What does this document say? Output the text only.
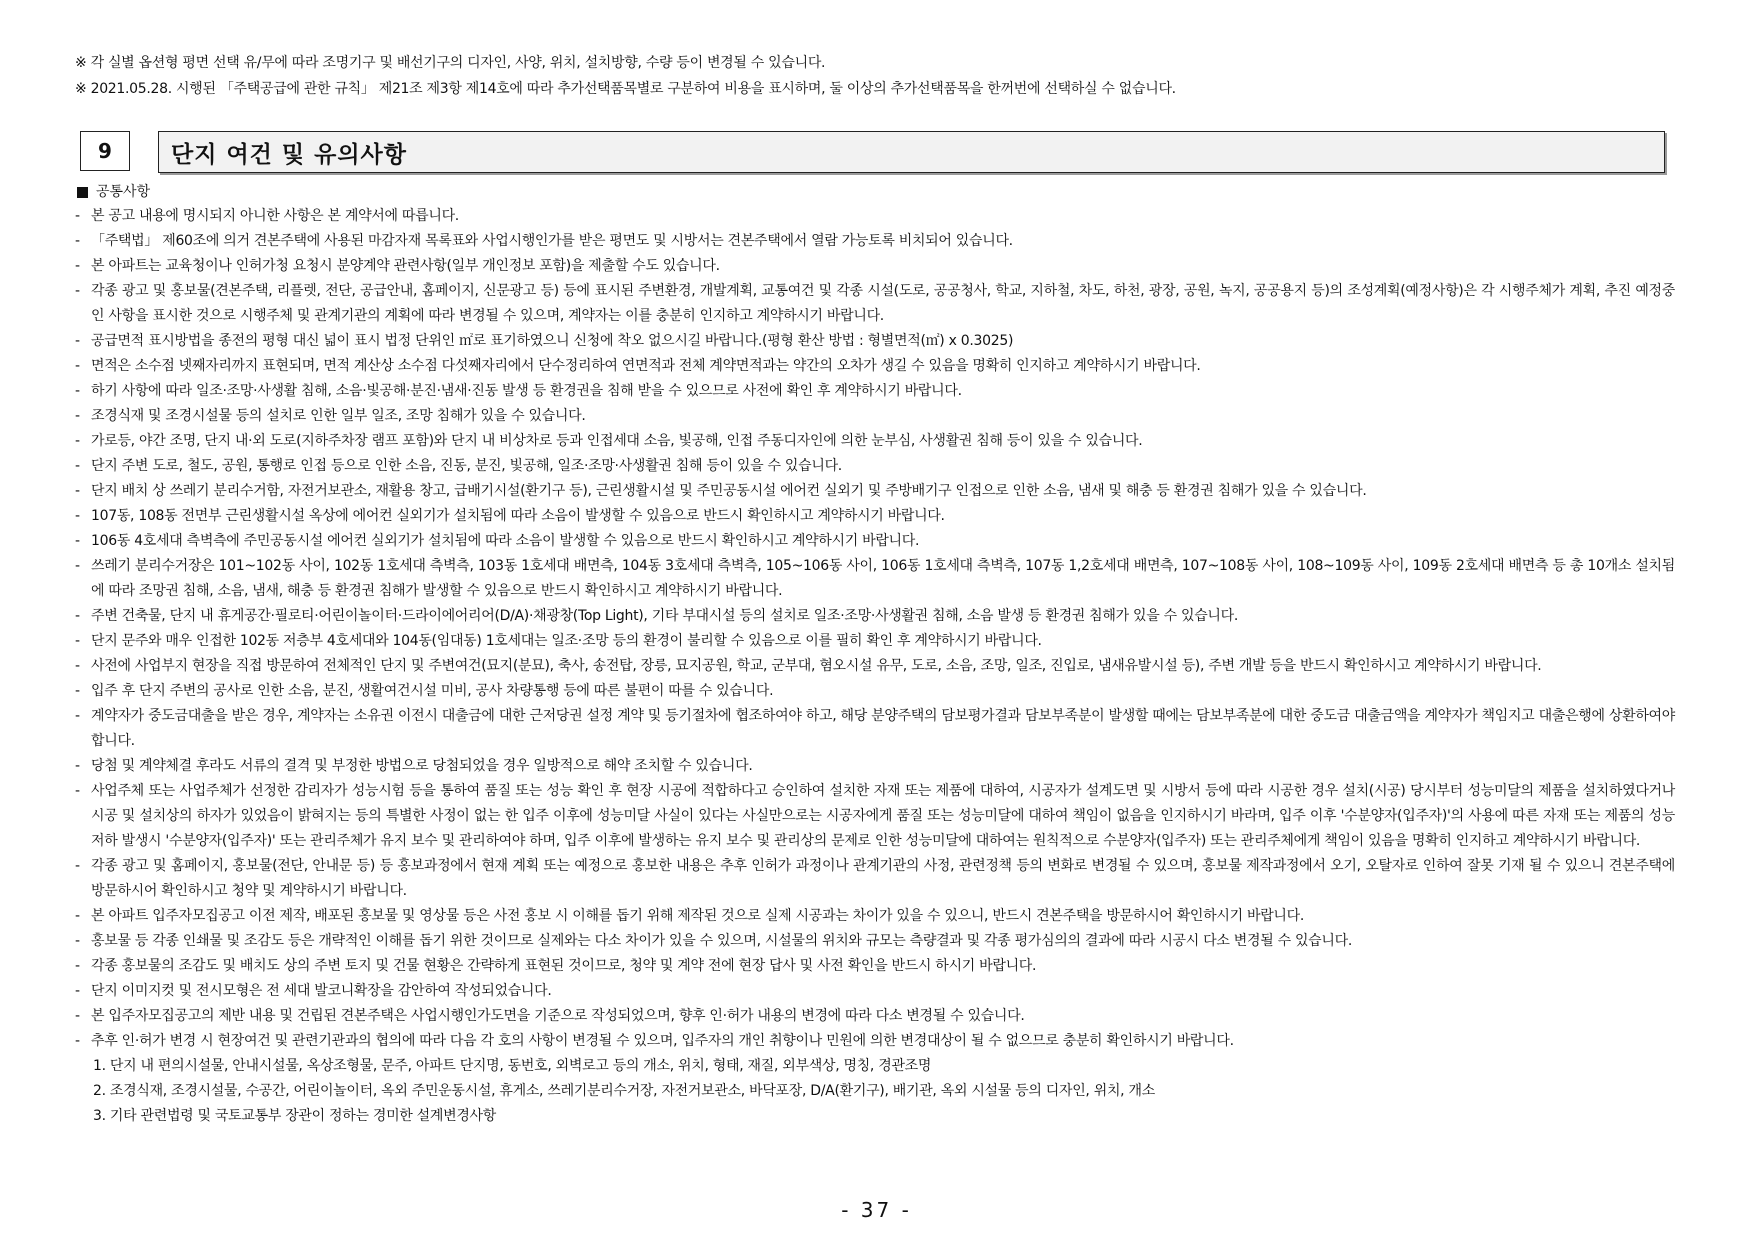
※ 각 실별 옵션형 평면 선택 유/무에 따라 조명기구 및 배선기구의 디자인, 사양, 위치, 설치방향, 수량 등이 변경될 수 있습니다.
※ 2021.05.28. 시행된 「주택공급에 관한 규칙」 제21조 제3항 제14호에 따라 추가선택품목별로 구분하여 비용을 표시하며, 둘 이상의 추가선택품목을 한꺼번에 선택하실 수 없습니다.
9	단지 여건 및 유의사항
공통사항
- 본 공고 내용에 명시되지 아니한 사항은 본 계약서에 따릅니다.
- 「주택법」 제60조에 의거 견본주택에 사용된 마감자재 목록표와 사업시행인가를 받은 평면도 및 시방서는 견본주택에서 열람 가능토록 비치되어 있습니다.
- 본 아파트는 교육청이나 인허가청 요청시 분양계약 관련사항(일부 개인정보 포함)을 제출할 수도 있습니다.
- 각종 광고 및 홍보물(견본주택, 리플렛, 전단, 공급안내, 홈페이지, 신문광고 등) 등에 표시된 주변환경, 개발계획, 교통여건 및 각종 시설(도로, 공공청사, 학교, 지하철, 차도, 하천, 광장, 공원, 녹지, 공공용지 등)의 조성계획(예정사항)은 각 시행주체가 계획, 추진 예정중인 사항을 표시한 것으로 시행주체 및 관계기관의 계획에 따라 변경될 수 있으며, 계약자는 이를 충분히 인지하고 계약하시기 바랍니다.
- 공급면적 표시방법을 종전의 평형 대신 넓이 표시 법정 단위인 ㎡로 표기하였으니 신청에 착오 없으시길 바랍니다.(평형 환산 방법 : 형별면적(㎡) x 0.3025)
- 면적은 소수점 넷째자리까지 표현되며, 면적 계산상 소수점 다섯째자리에서 단수정리하여 연면적과 전체 계약면적과는 약간의 오차가 생길 수 있음을 명확히 인지하고 계약하시기 바랍니다.
- 하기 사항에 따라 일조·조망·사생활 침해, 소음·빛공해·분진·냄새·진동 발생 등 환경권을 침해 받을 수 있으므로 사전에 확인 후 계약하시기 바랍니다.
- 조경식재 및 조경시설물 등의 설치로 인한 일부 일조, 조망 침해가 있을 수 있습니다.
- 가로등, 야간 조명, 단지 내·외 도로(지하주차장 램프 포함)와 단지 내 비상차로 등과 인접세대 소음, 빛공해, 인접 주동디자인에 의한 눈부심, 사생활권 침해 등이 있을 수 있습니다.
- 단지 주변 도로, 철도, 공원, 통행로 인접 등으로 인한 소음, 진동, 분진, 빛공해, 일조·조망·사생활권 침해 등이 있을 수 있습니다.
- 단지 배치 상 쓰레기 분리수거함, 자전거보관소, 재활용 창고, 급배기시설(환기구 등), 근린생활시설 및 주민공동시설 에어컨 실외기 및 주방배기구 인접으로 인한 소음, 냄새 및 해충 등 환경권 침해가 있을 수 있습니다.
- 107동, 108동 전면부 근린생활시설 옥상에 에어컨 실외기가 설치됨에 따라 소음이 발생할 수 있음으로 반드시 확인하시고 계약하시기 바랍니다.
- 106동 4호세대 측벽측에 주민공동시설 에어컨 실외기가 설치됨에 따라 소음이 발생할 수 있음으로 반드시 확인하시고 계약하시기 바랍니다.
- 쓰레기 분리수거장은 101~102동 사이, 102동 1호세대 측벽측, 103동 1호세대 배면측, 104동 3호세대 측벽측, 105~106동 사이, 106동 1호세대 측벽측, 107동 1,2호세대 배면측, 107~108동 사이, 108~109동 사이, 109동 2호세대 배면측 등 총 10개소 설치됨에 따라 조망권 침해, 소음, 냄새, 해충 등 환경권 침해가 발생할 수 있음으로 반드시 확인하시고 계약하시기 바랍니다.
- 주변 건축물, 단지 내 휴게공간·필로티·어린이놀이터·드라이에어리어(D/A)·채광창(Top Light), 기타 부대시설 등의 설치로 일조·조망·사생활권 침해, 소음 발생 등 환경권 침해가 있을 수 있습니다.
- 단지 문주와 매우 인접한 102동 저층부 4호세대와 104동(임대동) 1호세대는 일조·조망 등의 환경이 불리할 수 있음으로 이를 필히 확인 후 계약하시기 바랍니다.
- 사전에 사업부지 현장을 직접 방문하여 전체적인 단지 및 주변여건(묘지(분묘), 축사, 송전탑, 장릉, 묘지공원, 학교, 군부대, 혐오시설 유무, 도로, 소음, 조망, 일조, 진입로, 냄새유발시설 등), 주변 개발 등을 반드시 확인하시고 계약하시기 바랍니다.
- 입주 후 단지 주변의 공사로 인한 소음, 분진, 생활여건시설 미비, 공사 차량통행 등에 따른 불편이 따를 수 있습니다.
- 계약자가 중도금대출을 받은 경우, 계약자는 소유권 이전시 대출금에 대한 근저당권 설정 계약 및 등기절차에 협조하여야 하고, 해당 분양주택의 담보평가결과 담보부족분이 발생할 때에는 담보부족분에 대한 중도금 대출금액을 계약자가 책임지고 대출은행에 상환하여야 합니다.
- 당첨 및 계약체결 후라도 서류의 결격 및 부정한 방법으로 당첨되었을 경우 일방적으로 해약 조치할 수 있습니다.
- 사업주체 또는 사업주체가 선정한 감리자가 성능시험 등을 통하여 품질 또는 성능 확인 후 현장 시공에 적합하다고 승인하여 설치한 자재 또는 제품에 대하여, 시공자가 설계도면 및 시방서 등에 따라 시공한 경우 설치(시공) 당시부터 성능미달의 제품을 설치하였다거나 시공 및 설치상의 하자가 있었음이 밝혀지는 등의 특별한 사정이 없는 한 입주 이후에 성능미달 사실이 있다는 사실만으로는 시공자에게 품질 또는 성능미달에 대하여 책임이 없음을 인지하시기 바라며, 입주 이후 '수분양자(입주자)'의 사용에 따른 자재 또는 제품의 성능저하 발생시 '수분양자(입주자)' 또는 관리주체가 유지 보수 및 관리하여야 하며, 입주 이후에 발생하는 유지 보수 및 관리상의 문제로 인한 성능미달에 대하여는 원칙적으로 수분양자(입주자) 또는 관리주체에게 책임이 있음을 명확히 인지하고 계약하시기 바랍니다.
- 각종 광고 및 홈페이지, 홍보물(전단, 안내문 등) 등 홍보과정에서 현재 계획 또는 예정으로 홍보한 내용은 추후 인허가 과정이나 관계기관의 사정, 관련정책 등의 변화로 변경될 수 있으며, 홍보물 제작과정에서 오기, 오탈자로 인하여 잘못 기재 될 수 있으니 견본주택에 방문하시어 확인하시고 청약 및 계약하시기 바랍니다.
- 본 아파트 입주자모집공고 이전 제작, 배포된 홍보물 및 영상물 등은 사전 홍보 시 이해를 돕기 위해 제작된 것으로 실제 시공과는 차이가 있을 수 있으니, 반드시 견본주택을 방문하시어 확인하시기 바랍니다.
- 홍보물 등 각종 인쇄물 및 조감도 등은 개략적인 이해를 돕기 위한 것이므로 실제와는 다소 차이가 있을 수 있으며, 시설물의 위치와 규모는 측량결과 및 각종 평가심의의 결과에 따라 시공시 다소 변경될 수 있습니다.
- 각종 홍보물의 조감도 및 배치도 상의 주변 토지 및 건물 현황은 간략하게 표현된 것이므로, 청약 및 계약 전에 현장 답사 및 사전 확인을 반드시 하시기 바랍니다.
- 단지 이미지컷 및 전시모형은 전 세대 발코니확장을 감안하여 작성되었습니다.
- 본 입주자모집공고의 제반 내용 및 건립된 견본주택은 사업시행인가도면을 기준으로 작성되었으며, 향후 인·허가 내용의 변경에 따라 다소 변경될 수 있습니다.
- 추후 인·허가 변경 시 현장여건 및 관련기관과의 협의에 따라 다음 각 호의 사항이 변경될 수 있으며, 입주자의 개인 취향이나 민원에 의한 변경대상이 될 수 없으므로 충분히 확인하시기 바랍니다.
1. 단지 내 편의시설물, 안내시설물, 옥상조형물, 문주, 아파트 단지명, 동번호, 외벽로고 등의 개소, 위치, 형태, 재질, 외부색상, 명칭, 경관조명
2. 조경식재, 조경시설물, 수공간, 어린이놀이터, 옥외 주민운동시설, 휴게소, 쓰레기분리수거장, 자전거보관소, 바닥포장, D/A(환기구), 배기관, 옥외 시설물 등의 디자인, 위치, 개소
3. 기타 관련법령 및 국토교통부 장관이 정하는 경미한 설계변경사항
- 37 -
